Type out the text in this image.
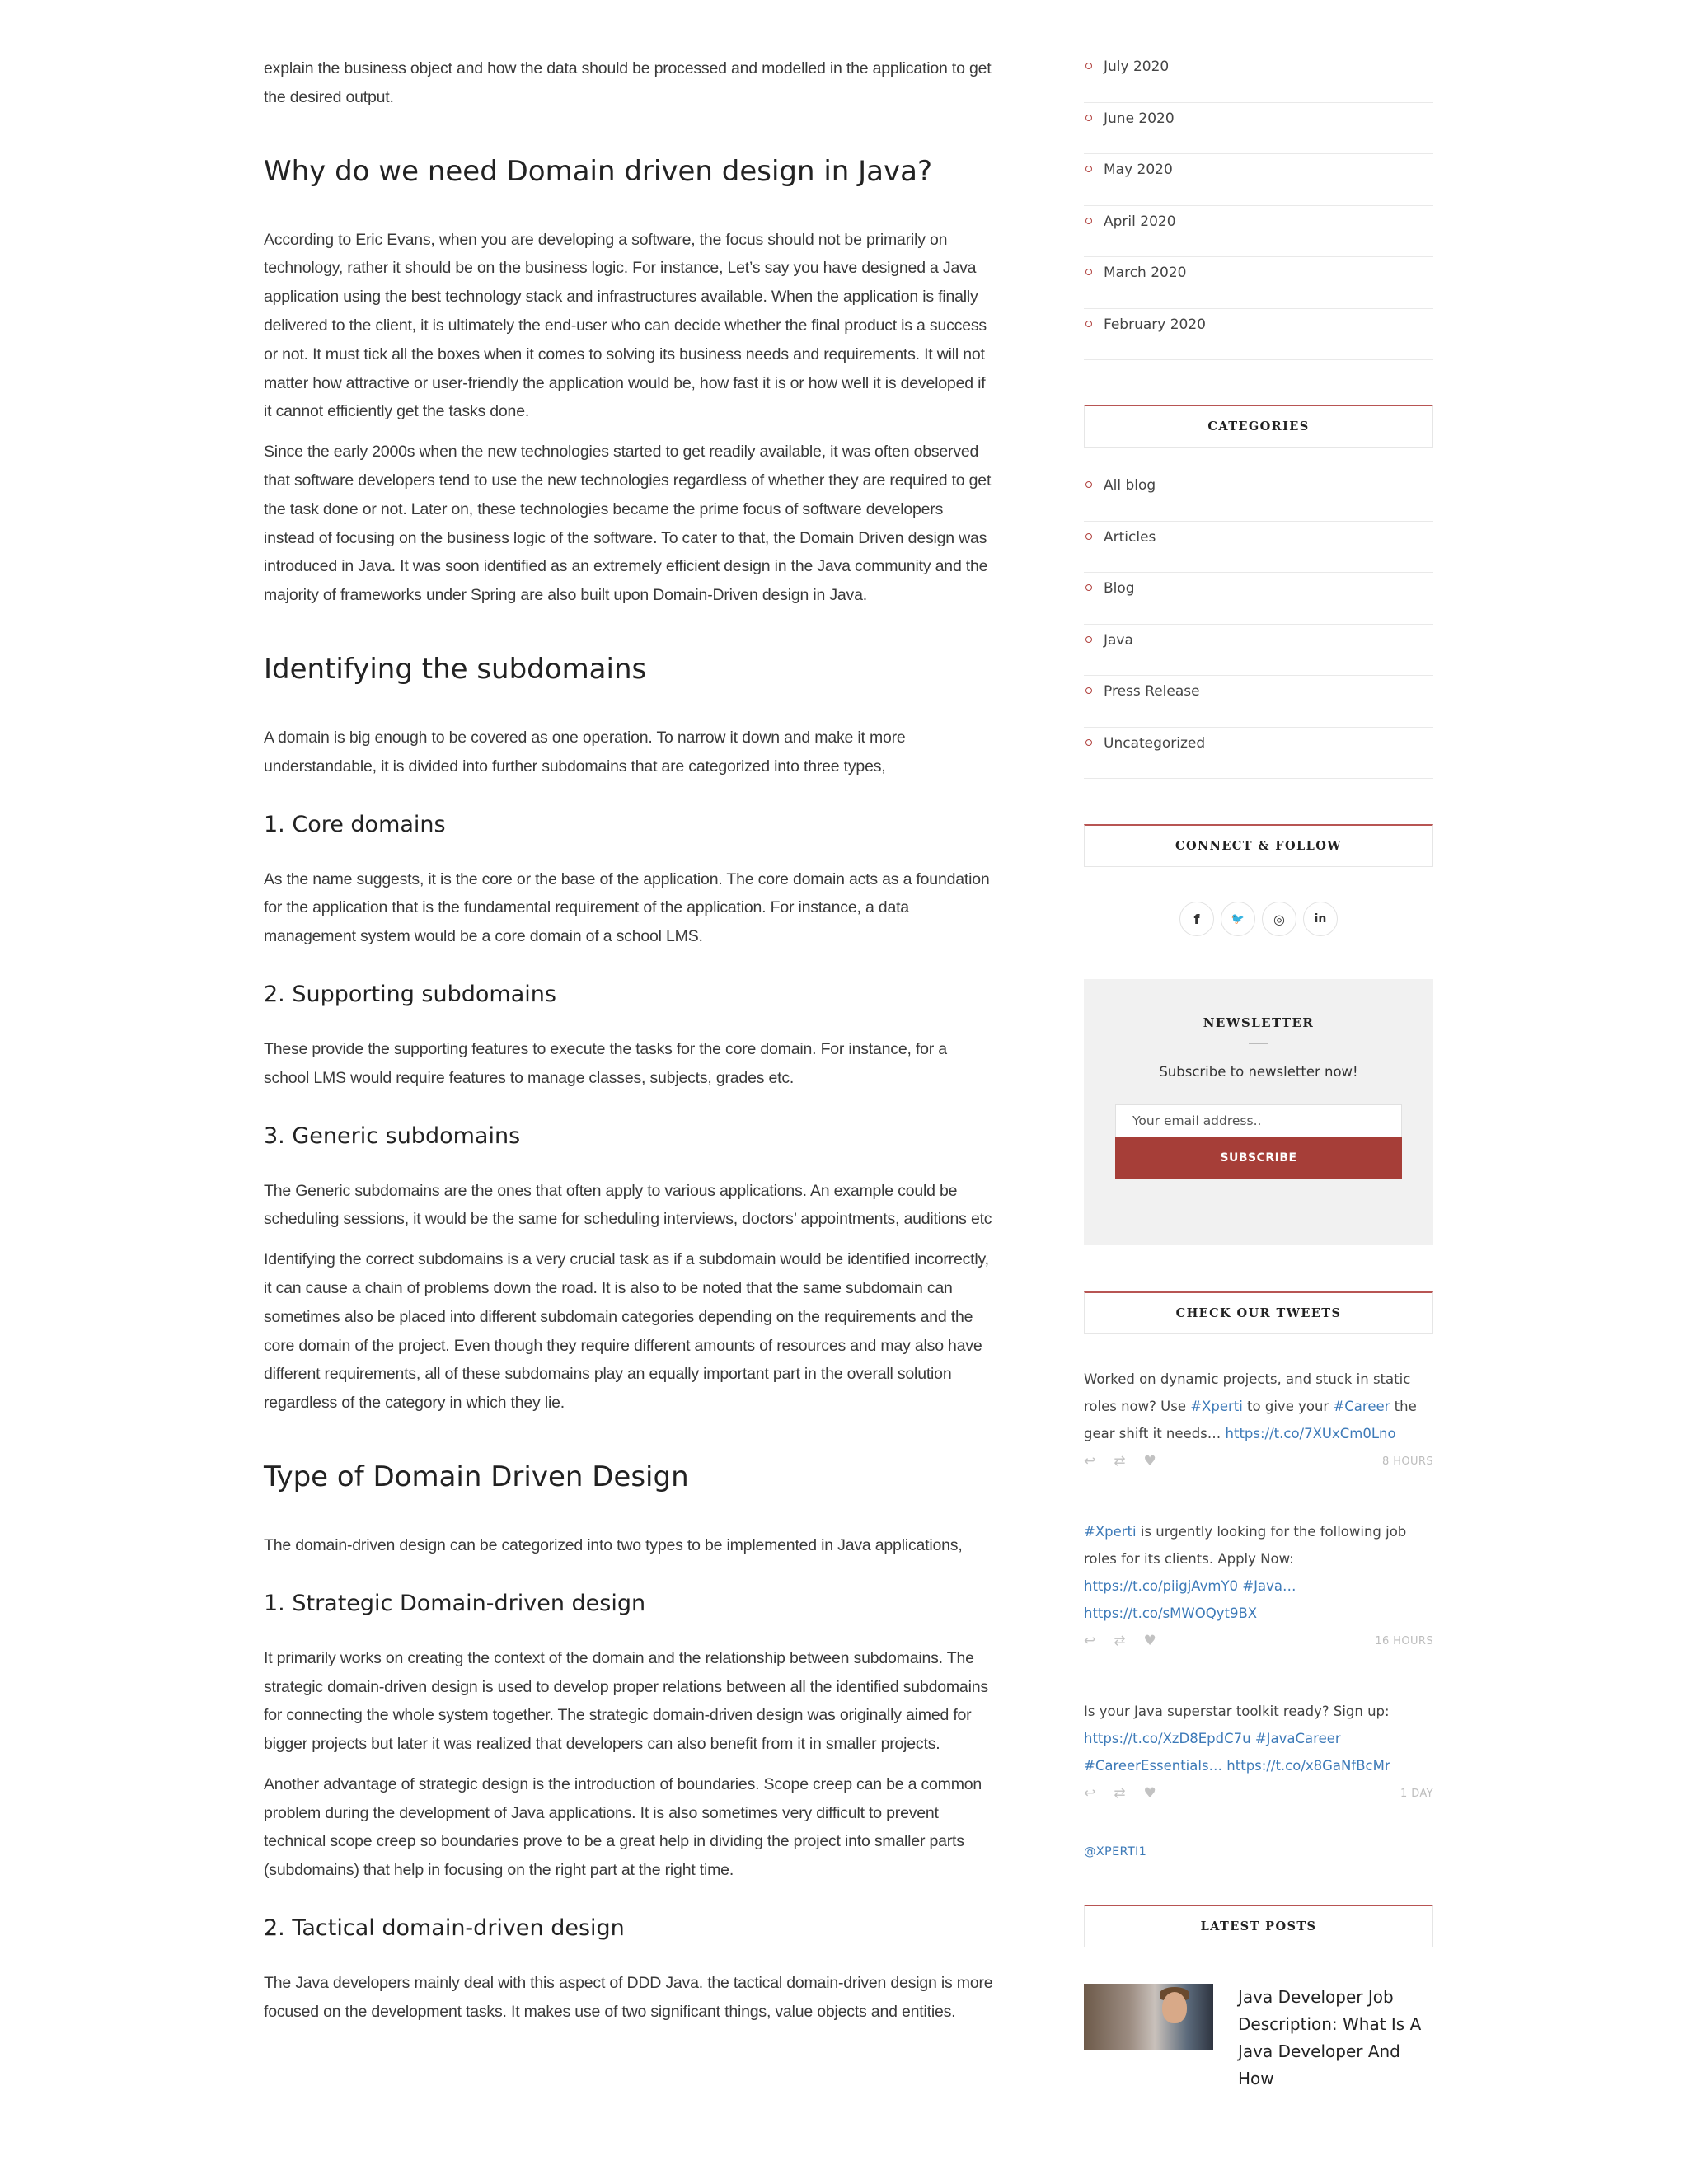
explain the business object and how the data should be processed and modelled in the application to get the desired output.

Why do we need Domain driven design in Java?

According to Eric Evans, when you are developing a software, the focus should not be primarily on technology, rather it should be on the business logic. For instance, Let’s say you have designed a Java application using the best technology stack and infrastructures available. When the application is finally delivered to the client, it is ultimately the end-user who can decide whether the final product is a success or not. It must tick all the boxes when it comes to solving its business needs and requirements. It will not matter how attractive or user-friendly the application would be, how fast it is or how well it is developed if it cannot efficiently get the tasks done.

Since the early 2000s when the new technologies started to get readily available, it was often observed that software developers tend to use the new technologies regardless of whether they are required to get the task done or not. Later on, these technologies became the prime focus of software developers instead of focusing on the business logic of the software. To cater to that, the Domain Driven design was introduced in Java. It was soon identified as an extremely efficient design in the Java community and the majority of frameworks under Spring are also built upon Domain-Driven design in Java.

Identifying the subdomains

A domain is big enough to be covered as one operation. To narrow it down and make it more understandable, it is divided into further subdomains that are categorized into three types,

1. Core domains

As the name suggests, it is the core or the base of the application. The core domain acts as a foundation for the application that is the fundamental requirement of the application. For instance, a data management system would be a core domain of a school LMS.

2. Supporting subdomains

These provide the supporting features to execute the tasks for the core domain. For instance, for a school LMS would require features to manage classes, subjects, grades etc.

3. Generic subdomains

The Generic subdomains are the ones that often apply to various applications. An example could be scheduling sessions, it would be the same for scheduling interviews, doctors’ appointments, auditions etc

Identifying the correct subdomains is a very crucial task as if a subdomain would be identified incorrectly, it can cause a chain of problems down the road. It is also to be noted that the same subdomain can sometimes also be placed into different subdomain categories depending on the requirements and the core domain of the project. Even though they require different amounts of resources and may also have different requirements, all of these subdomains play an equally important part in the overall solution regardless of the category in which they lie.

Type of Domain Driven Design

The domain-driven design can be categorized into two types to be implemented in Java applications,

1. Strategic Domain-driven design

It primarily works on creating the context of the domain and the relationship between subdomains. The strategic domain-driven design is used to develop proper relations between all the identified subdomains for connecting the whole system together. The strategic domain-driven design was originally aimed for bigger projects but later it was realized that developers can also benefit from it in smaller projects.

Another advantage of strategic design is the introduction of boundaries. Scope creep can be a common problem during the development of Java applications. It is also sometimes very difficult to prevent technical scope creep so boundaries prove to be a great help in dividing the project into smaller parts (subdomains) that help in focusing on the right part at the right time.

2. Tactical domain-driven design

The Java developers mainly deal with this aspect of DDD Java. the tactical domain-driven design is more focused on the development tasks. It makes use of two significant things, value objects and entities.

July 2020
June 2020
May 2020
April 2020
March 2020
February 2020
CATEGORIES
All blog
Articles
Blog
Java
Press Release
Uncategorized
CONNECT & FOLLOW
f	🐦	◎	in
NEWSLETTER
Subscribe to newsletter now!
Your email address..
SUBSCRIBE
CHECK OUR TWEETS
Worked on dynamic projects, and stuck in static roles now? Use #Xperti to give your #Career the gear shift it needs… https://t.co/7XUxCm0Lno
↩ ⇄ ♥	8 HOURS
#Xperti is urgently looking for the following job roles for its clients. Apply Now:
https://t.co/piigjAvmY0 #Java…
https://t.co/sMWOQyt9BX
↩ ⇄ ♥	16 HOURS
Is your Java superstar toolkit ready? Sign up:
https://t.co/XzD8EpdC7u #JavaCareer
#CareerEssentials… https://t.co/x8GaNfBcMr
↩ ⇄ ♥	1 DAY
@XPERTI1
LATEST POSTS
Java Developer Job Description: What Is A Java Developer And How
